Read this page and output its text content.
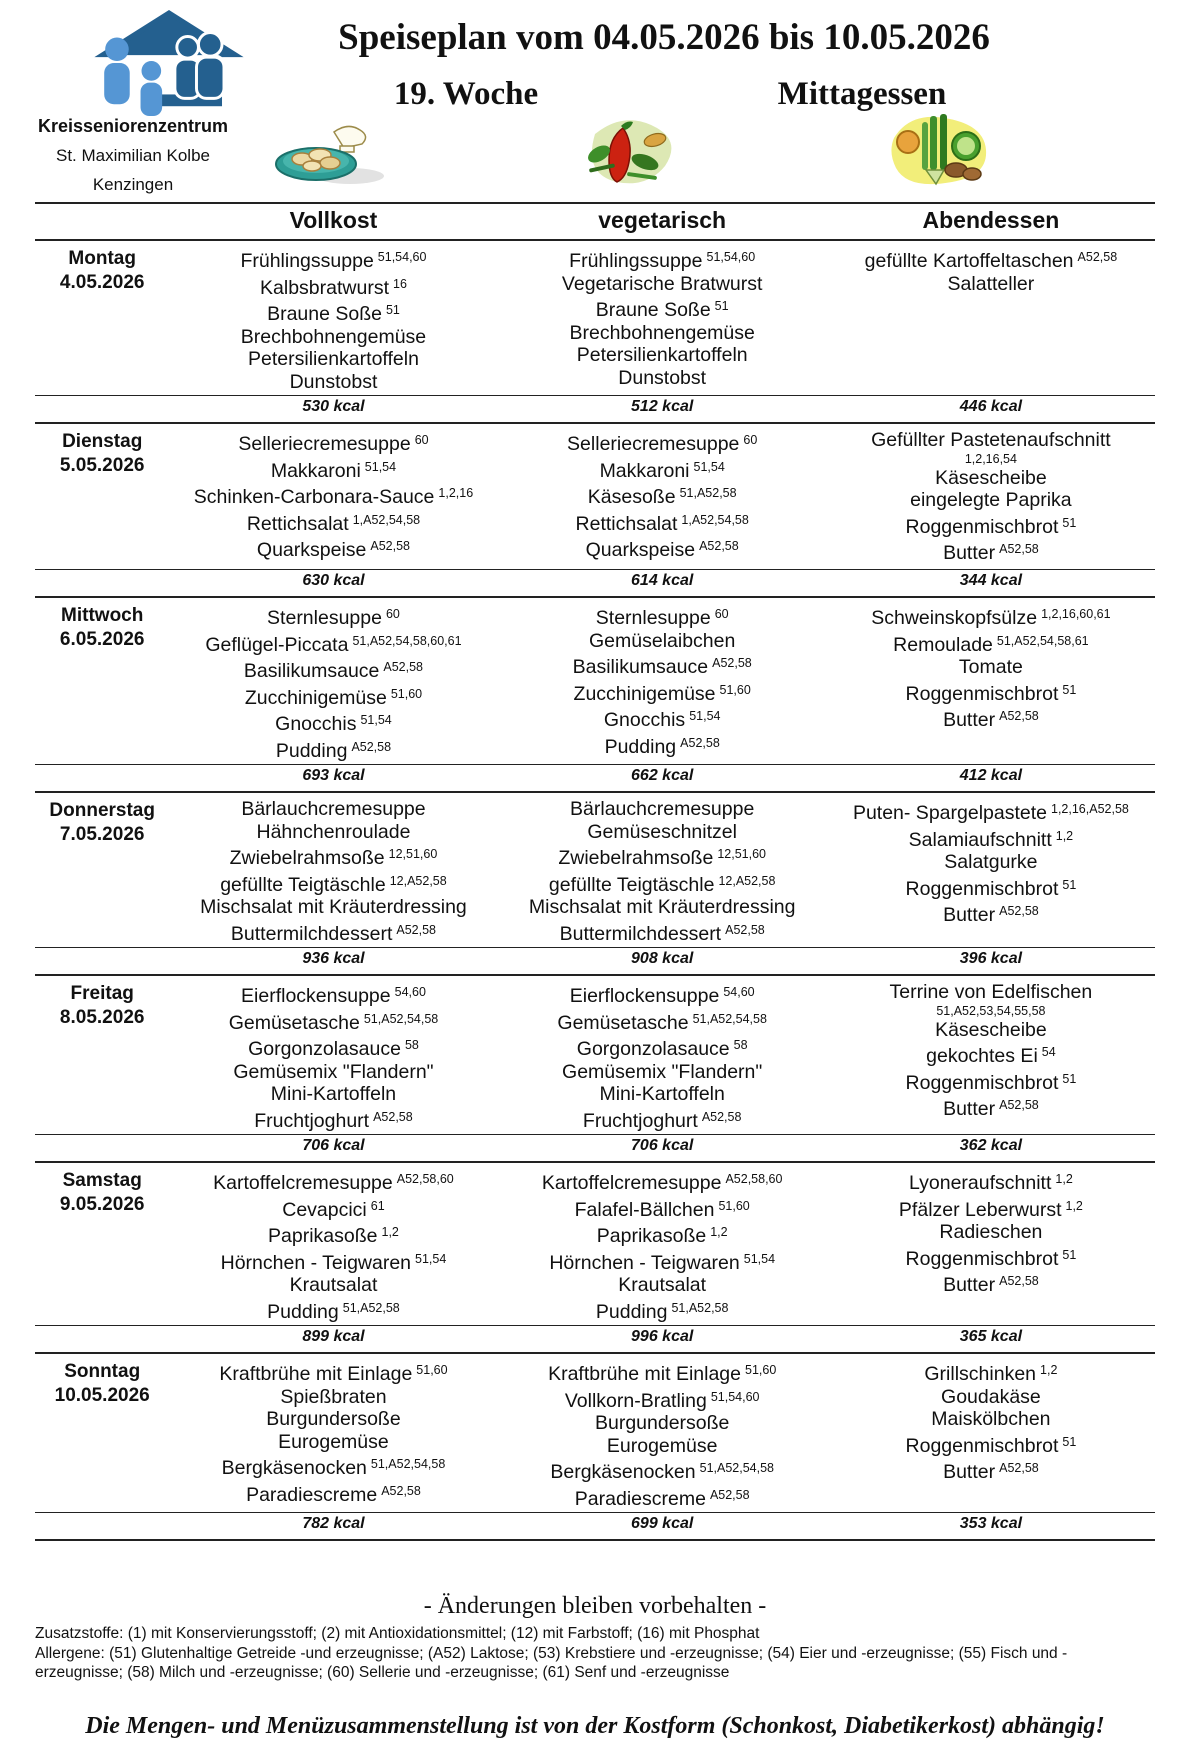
Kreisseniorenzentrum
St. Maximilian Kolbe
Kenzingen
Speiseplan vom 04.05.2026 bis 10.05.2026
19. Woche	Mittagessen
	Vollkost	vegetarisch	Abendessen

Montag
4.05.2026

Frühlingssuppe $^{51,54,60}$
Kalbsbratwurst $^{16}$
Braune Soße $^{51}$
Brechbohnengemüse
Petersilienkartoffeln
Dunstobst

Frühlingssuppe $^{51,54,60}$
Vegetarische Bratwurst
Braune Soße $^{51}$
Brechbohnengemüse
Petersilienkartoffeln
Dunstobst

gefüllte Kartoffeltaschen $^{A52,58}$
Salatteller

	530 kcal	512 kcal	446 kcal

Dienstag
5.05.2026

Selleriecremesuppe $^{60}$
Makkaroni $^{51,54}$
Schinken-Carbonara-Sauce $^{1,2,16}$
Rettichsalat $^{1,A52,54,58}$
Quarkspeise $^{A52,58}$

Selleriecremesuppe $^{60}$
Makkaroni $^{51,54}$
Käsesoße $^{51,A52,58}$
Rettichsalat $^{1,A52,54,58}$
Quarkspeise $^{A52,58}$

Gefüllter Pastetenaufschnitt
1,2,16,54
Käsescheibe
eingelegte Paprika
Roggenmischbrot $^{51}$
Butter $^{A52,58}$

	630 kcal	614 kcal	344 kcal

Mittwoch
6.05.2026

Sternlesuppe $^{60}$
Geflügel-Piccata $^{51,A52,54,58,60,61}$
Basilikumsauce $^{A52,58}$
Zucchinigemüse $^{51,60}$
Gnocchis $^{51,54}$
Pudding $^{A52,58}$

Sternlesuppe $^{60}$
Gemüselaibchen
Basilikumsauce $^{A52,58}$
Zucchinigemüse $^{51,60}$
Gnocchis $^{51,54}$
Pudding $^{A52,58}$

Schweinskopfsülze $^{1,2,16,60,61}$
Remoulade $^{51,A52,54,58,61}$
Tomate
Roggenmischbrot $^{51}$
Butter $^{A52,58}$

	693 kcal	662 kcal	412 kcal

Donnerstag
7.05.2026

Bärlauchcremesuppe
Hähnchenroulade
Zwiebelrahmsoße $^{12,51,60}$
gefüllte Teigtäschle $^{12,A52,58}$
Mischsalat mit Kräuterdressing
Buttermilchdessert $^{A52,58}$

Bärlauchcremesuppe
Gemüseschnitzel
Zwiebelrahmsoße $^{12,51,60}$
gefüllte Teigtäschle $^{12,A52,58}$
Mischsalat mit Kräuterdressing
Buttermilchdessert $^{A52,58}$

Puten- Spargelpastete $^{1,2,16,A52,58}$
Salamiaufschnitt $^{1,2}$
Salatgurke
Roggenmischbrot $^{51}$
Butter $^{A52,58}$

	936 kcal	908 kcal	396 kcal

Freitag
8.05.2026

Eierflockensuppe $^{54,60}$
Gemüsetasche $^{51,A52,54,58}$
Gorgonzolasauce $^{58}$
Gemüsemix "Flandern"
Mini-Kartoffeln
Fruchtjoghurt $^{A52,58}$

Eierflockensuppe $^{54,60}$
Gemüsetasche $^{51,A52,54,58}$
Gorgonzolasauce $^{58}$
Gemüsemix "Flandern"
Mini-Kartoffeln
Fruchtjoghurt $^{A52,58}$

Terrine von Edelfischen
51,A52,53,54,55,58
Käsescheibe
gekochtes Ei $^{54}$
Roggenmischbrot $^{51}$
Butter $^{A52,58}$

	706 kcal	706 kcal	362 kcal

Samstag
9.05.2026

Kartoffelcremesuppe $^{A52,58,60}$
Cevapcici $^{61}$
Paprikasoße $^{1,2}$
Hörnchen - Teigwaren $^{51,54}$
Krautsalat
Pudding $^{51,A52,58}$

Kartoffelcremesuppe $^{A52,58,60}$
Falafel-Bällchen $^{51,60}$
Paprikasoße $^{1,2}$
Hörnchen - Teigwaren $^{51,54}$
Krautsalat
Pudding $^{51,A52,58}$

Lyoneraufschnitt $^{1,2}$
Pfälzer Leberwurst $^{1,2}$
Radieschen
Roggenmischbrot $^{51}$
Butter $^{A52,58}$

	899 kcal	996 kcal	365 kcal

Sonntag
10.05.2026

Kraftbrühe mit Einlage $^{51,60}$
Spießbraten
Burgundersoße
Eurogemüse
Bergkäsenocken $^{51,A52,54,58}$
Paradiescreme $^{A52,58}$

Kraftbrühe mit Einlage $^{51,60}$
Vollkorn-Bratling $^{51,54,60}$
Burgundersoße
Eurogemüse
Bergkäsenocken $^{51,A52,54,58}$
Paradiescreme $^{A52,58}$

Grillschinken $^{1,2}$
Goudakäse
Maiskölbchen
Roggenmischbrot $^{51}$
Butter $^{A52,58}$

	782 kcal	699 kcal	353 kcal
- Änderungen bleiben vorbehalten -
Zusatzstoffe: (1) mit Konservierungsstoff; (2) mit Antioxidationsmittel; (12) mit Farbstoff; (16) mit Phosphat
Allergene: (51) Glutenhaltige Getreide -und erzeugnisse; (A52) Laktose; (53) Krebstiere und -erzeugnisse; (54) Eier und -erzeugnisse; (55) Fisch und -erzeugnisse; (58) Milch und -erzeugnisse; (60) Sellerie und -erzeugnisse; (61) Senf und -erzeugnisse
Die Mengen- und Menüzusammenstellung ist von der Kostform (Schonkost, Diabetikerkost) abhängig!
